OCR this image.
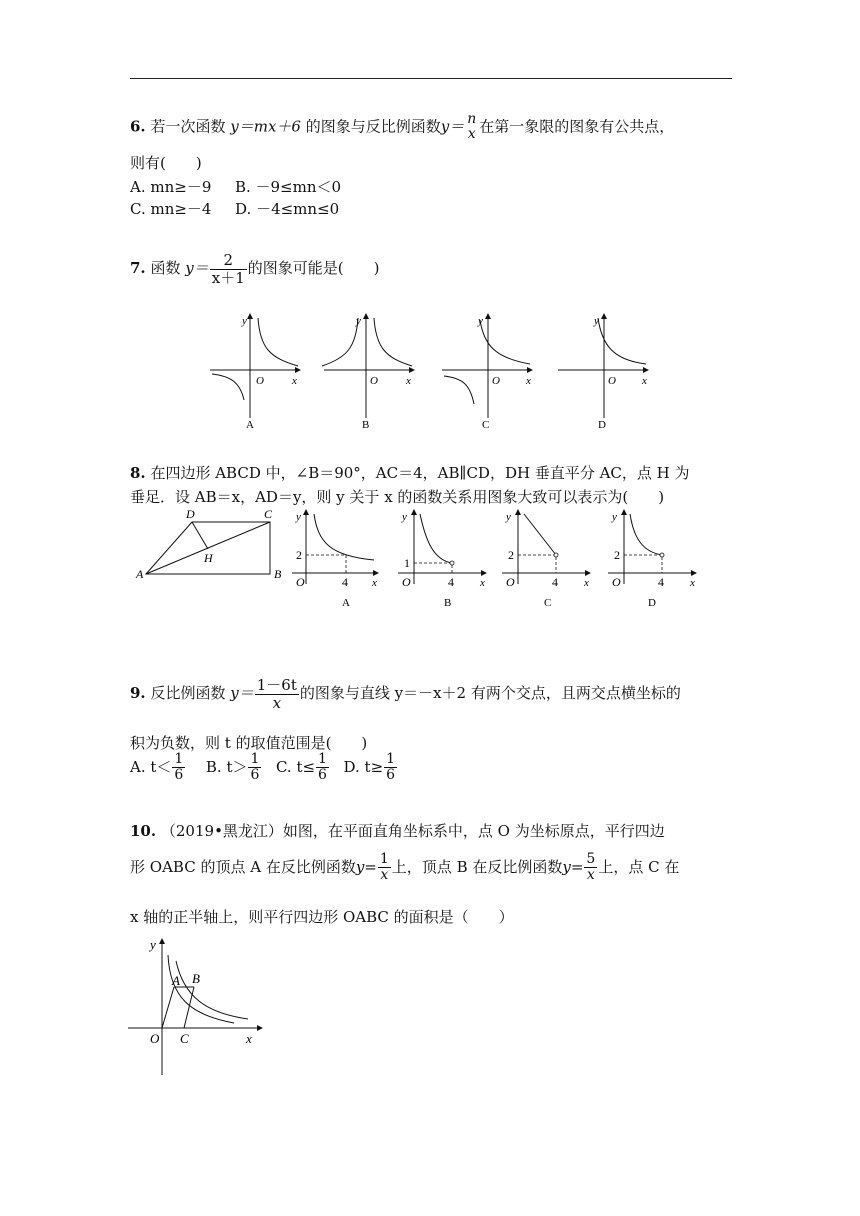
6. 若一次函数 y＝mx＋6 的图象与反比例函数y＝ n
x 在第一象限的图象有公共点，
则有(　　)
A. mn≥－9 B. －9≤mn＜0
C. mn≥－4 D. －4≤mn≤0
7. 函数 $y= \frac{2}{x+1}$ 的图象可能是(　　)
y
O	x
A
y
O	x
B
y
O x
C
y
O x
D
8. 在四边形 ABCD 中，∠B＝90°，AC＝4，AB∥CD，DH 垂直平分 AC，点 H 为
垂足．设 AB＝x，AD＝y，则 y 关于 x 的函数关系用图象大致可以表示为(　　)
D	C
H
A	B
y
2
O	4 x
A
y
1
O	4 x
B
y
2
O	4 x
C
y
2
O	4 x
D
9. 反比例函数 $y= \frac{1-6t}{x}$ 的图象与直线 y＝－x＋2 有两个交点，且两交点横坐标的
积为负数，则 t 的取值范围是(　　)
A. $t< \frac{1}{6} B$. $t> \frac{1}{6} C$. $t\le \frac{1}{6} D$. $t\ge \frac{1}{6}$
10. （2019•黑龙江）如图，在平面直角坐标系中，点 O 为坐标原点，平行四边
形 OABC 的顶点 A 在反比例函数$y= \frac{1}{x}$ 上，顶点 B 在反比例函数$y= \frac{5}{x}$ 上，点 C 在
x 轴的正半轴上，则平行四边形 OABC 的面积是（　　）
y
A B
O C	x
